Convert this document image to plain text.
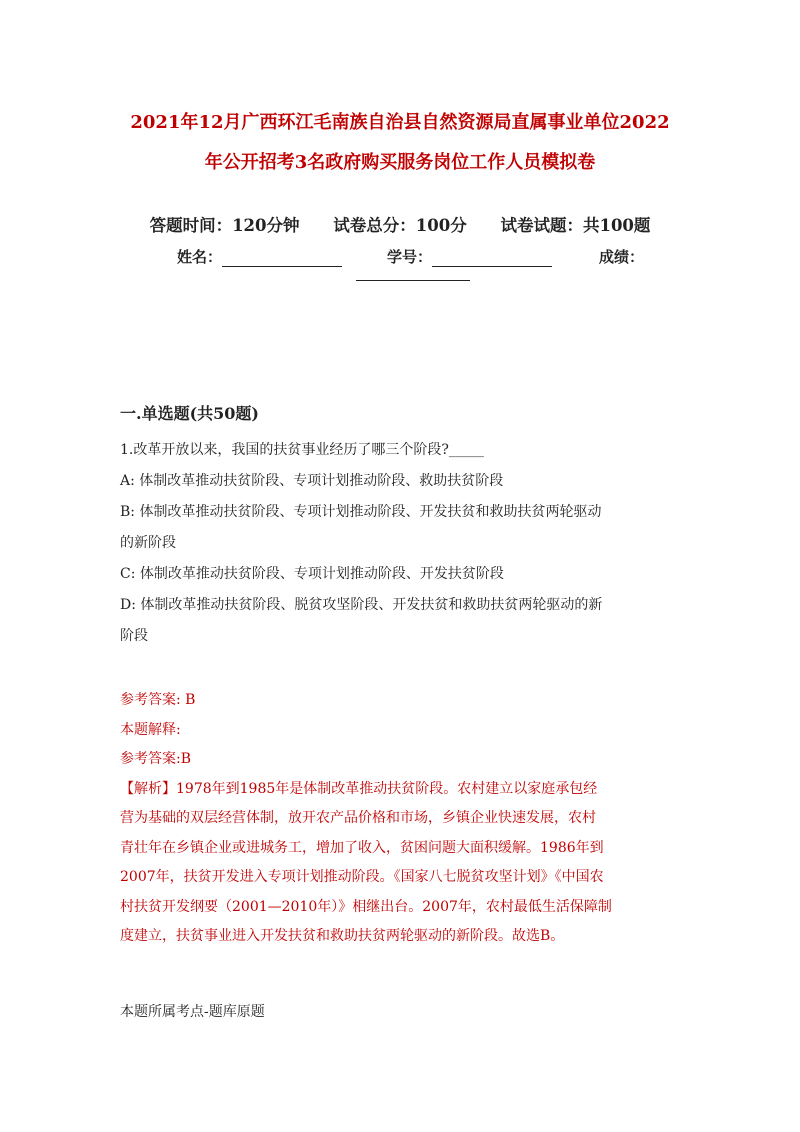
2021年12月广西环江毛南族自治县自然资源局直属事业单位2022
年公开招考3名政府购买服务岗位工作人员模拟卷
答题时间：120分钟 试卷总分：100分 试卷试题：共100题
姓名：	学号：	成绩：
一.单选题(共50题)
1.改革开放以来，我国的扶贫事业经历了哪三个阶段?_____
A: 体制改革推动扶贫阶段、专项计划推动阶段、救助扶贫阶段
B: 体制改革推动扶贫阶段、专项计划推动阶段、开发扶贫和救助扶贫两轮驱动
的新阶段
C: 体制改革推动扶贫阶段、专项计划推动阶段、开发扶贫阶段
D: 体制改革推动扶贫阶段、脱贫攻坚阶段、开发扶贫和救助扶贫两轮驱动的新
阶段
参考答案: B
本题解释:
参考答案:B
【解析】1978年到1985年是体制改革推动扶贫阶段。农村建立以家庭承包经
营为基础的双层经营体制，放开农产品价格和市场，乡镇企业快速发展，农村
青壮年在乡镇企业或进城务工，增加了收入，贫困问题大面积缓解。1986年到
2007年，扶贫开发进入专项计划推动阶段。《国家八七脱贫攻坚计划》《中国农
村扶贫开发纲要（2001—2010年）》相继出台。2007年，农村最低生活保障制
度建立，扶贫事业进入开发扶贫和救助扶贫两轮驱动的新阶段。故选B。
本题所属考点-题库原题
